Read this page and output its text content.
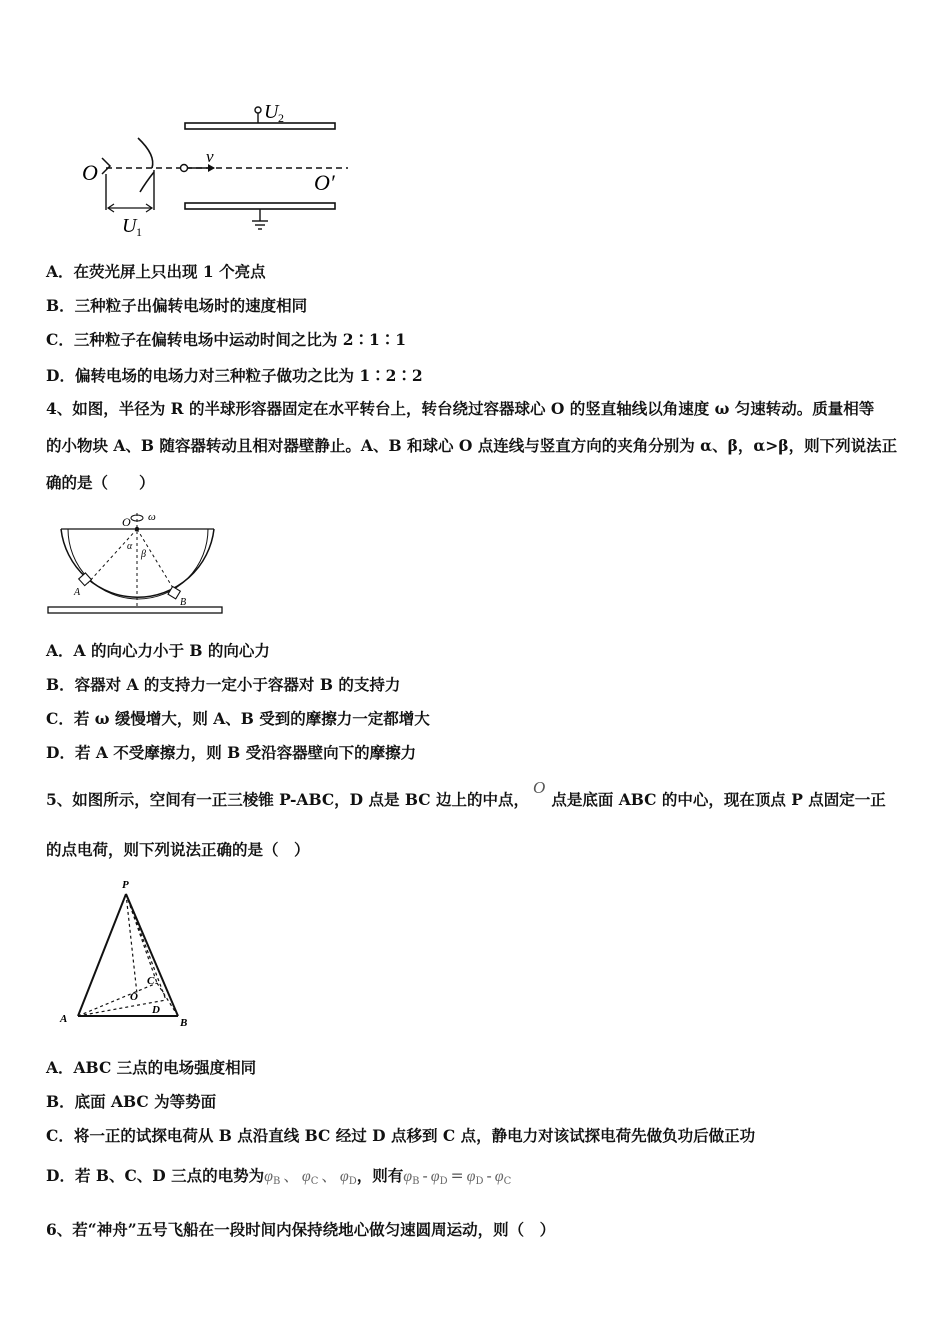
U 2
O
U 1
v
O′
A．在荧光屏上只出现 1 个亮点
B．三种粒子出偏转电场时的速度相同
C．三种粒子在偏转电场中运动时间之比为 2∶1∶1
D．偏转电场的电场力对三种粒子做功之比为 1∶2∶2
4、如图，半径为 R 的半球形容器固定在水平转台上，转台绕过容器球心 O 的竖直轴线以角速度 ω 匀速转动。质量相等
的小物块 A、B 随容器转动且相对器壁静止。A、B 和球心 O 点连线与竖直方向的夹角分别为 α、β，α>β，则下列说法正
确的是（　　）
O ω
α
β
A
B
A．A 的向心力小于 B 的向心力
B．容器对 A 的支持力一定小于容器对 B 的支持力
C．若 ω 缓慢增大，则 A、B 受到的摩擦力一定都增大
D．若 A 不受摩擦力，则 B 受沿容器壁向下的摩擦力
5、如图所示，空间有一正三棱锥 P-ABC，D 点是 BC 边上的中点，O点是底面 ABC 的中心，现在顶点 P 点固定一正
的点电荷，则下列说法正确的是（　）
P
A	B
C
D
O
A．ABC 三点的电场强度相同
B．底面 ABC 为等势面
C．将一正的试探电荷从 B 点沿直线 BC 经过 D 点移到 C 点，静电力对该试探电荷先做负功后做正功
D．若 B、C、D 三点的电势为$\varphi_B$ 、 $\varphi_C$ 、 $\varphi_D$，则有$\varphi_B - \varphi_D = \varphi_D - \varphi_C$
6、若“神舟”五号飞船在一段时间内保持绕地心做匀速圆周运动，则（　）
